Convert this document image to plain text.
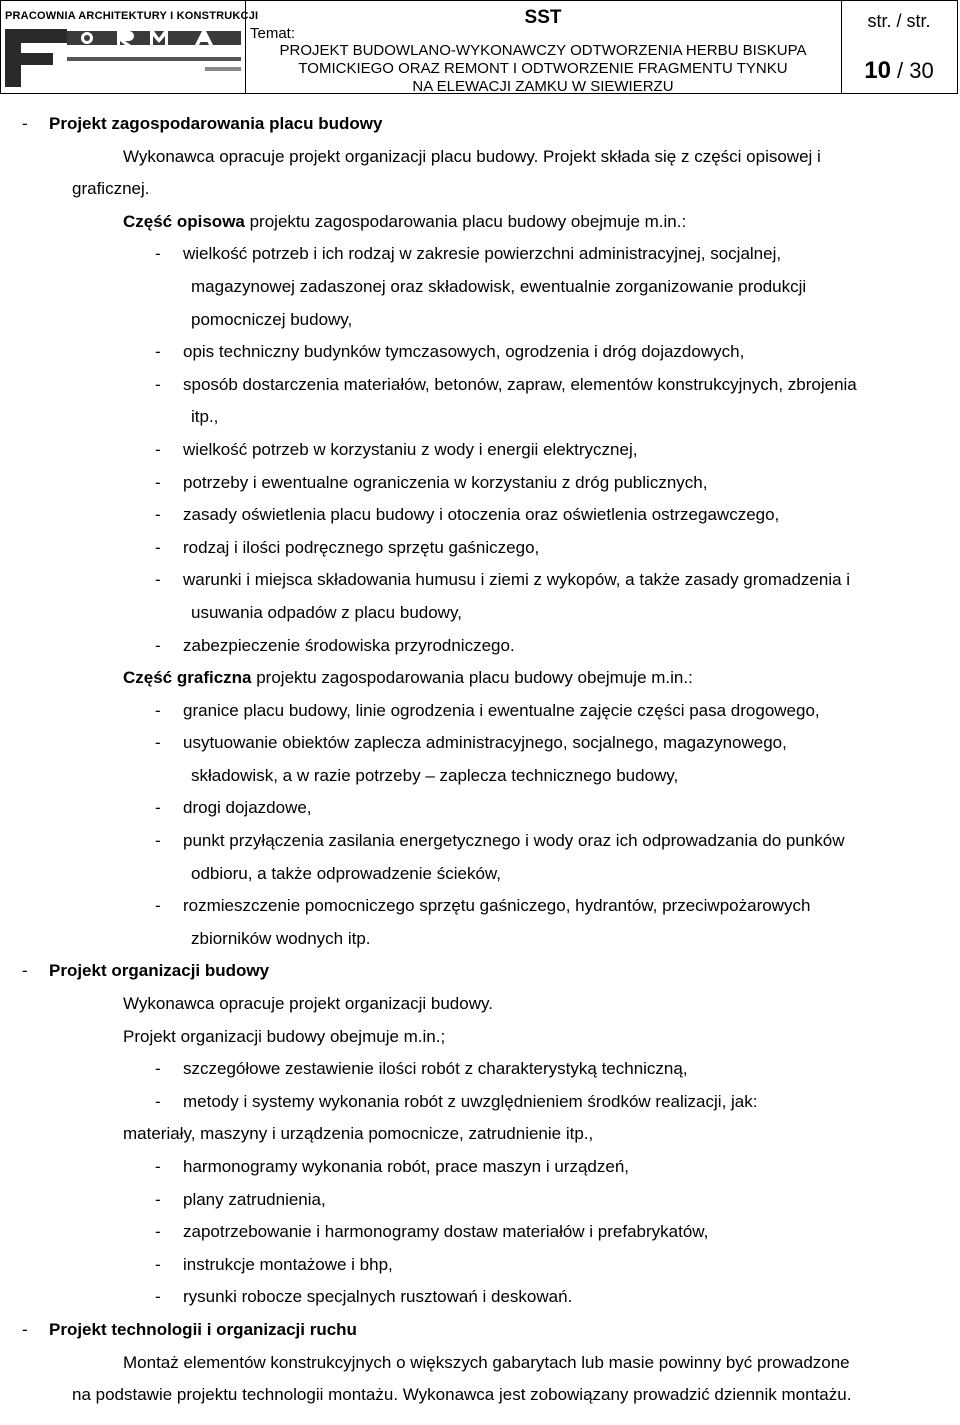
PRACOWNIA ARCHITEKTURY I KONSTRUKCJI	SST
Temat:
PROJEKT BUDOWLANO-WYKONAWCZY ODTWORZENIA HERBU BISKUPA
TOMICKIEGO ORAZ REMONT I ODTWORZENIE FRAGMENTU TYNKU
NA ELEWACJI ZAMKU W SIEWIERZU
str. / str.
10 / 30
- Projekt zagospodarowania placu budowy
Wykonawca opracuje projekt organizacji placu budowy. Projekt składa się z części opisowej i
graficznej.
Część opisowa projektu zagospodarowania placu budowy obejmuje m.in.:
- wielkość potrzeb i ich rodzaj w zakresie powierzchni administracyjnej, socjalnej,
magazynowej zadaszonej oraz składowisk, ewentualnie zorganizowanie produkcji
pomocniczej budowy,
- opis techniczny budynków tymczasowych, ogrodzenia i dróg dojazdowych,
- sposób dostarczenia materiałów, betonów, zapraw, elementów konstrukcyjnych, zbrojenia
itp.,
- wielkość potrzeb w korzystaniu z wody i energii elektrycznej,
- potrzeby i ewentualne ograniczenia w korzystaniu z dróg publicznych,
- zasady oświetlenia placu budowy i otoczenia oraz oświetlenia ostrzegawczego,
- rodzaj i ilości podręcznego sprzętu gaśniczego,
- warunki i miejsca składowania humusu i ziemi z wykopów, a także zasady gromadzenia i
usuwania odpadów z placu budowy,
- zabezpieczenie środowiska przyrodniczego.
Część graficzna projektu zagospodarowania placu budowy obejmuje m.in.:
- granice placu budowy, linie ogrodzenia i ewentualne zajęcie części pasa drogowego,
- usytuowanie obiektów zaplecza administracyjnego, socjalnego, magazynowego,
składowisk, a w razie potrzeby – zaplecza technicznego budowy,
- drogi dojazdowe,
- punkt przyłączenia zasilania energetycznego i wody oraz ich odprowadzania do punków
odbioru, a także odprowadzenie ścieków,
- rozmieszczenie pomocniczego sprzętu gaśniczego, hydrantów, przeciwpożarowych
zbiorników wodnych itp.
- Projekt organizacji budowy
Wykonawca opracuje projekt organizacji budowy.
Projekt organizacji budowy obejmuje m.in.;
- szczegółowe zestawienie ilości robót z charakterystyką techniczną,
- metody i systemy wykonania robót z uwzględnieniem środków realizacji, jak:
materiały, maszyny i urządzenia pomocnicze, zatrudnienie itp.,
- harmonogramy wykonania robót, prace maszyn i urządzeń,
- plany zatrudnienia,
- zapotrzebowanie i harmonogramy dostaw materiałów i prefabrykatów,
- instrukcje montażowe i bhp,
- rysunki robocze specjalnych rusztowań i deskowań.
- Projekt technologii i organizacji ruchu
Montaż elementów konstrukcyjnych o większych gabarytach lub masie powinny być prowadzone
na podstawie projektu technologii montażu. Wykonawca jest zobowiązany prowadzić dziennik montażu.
